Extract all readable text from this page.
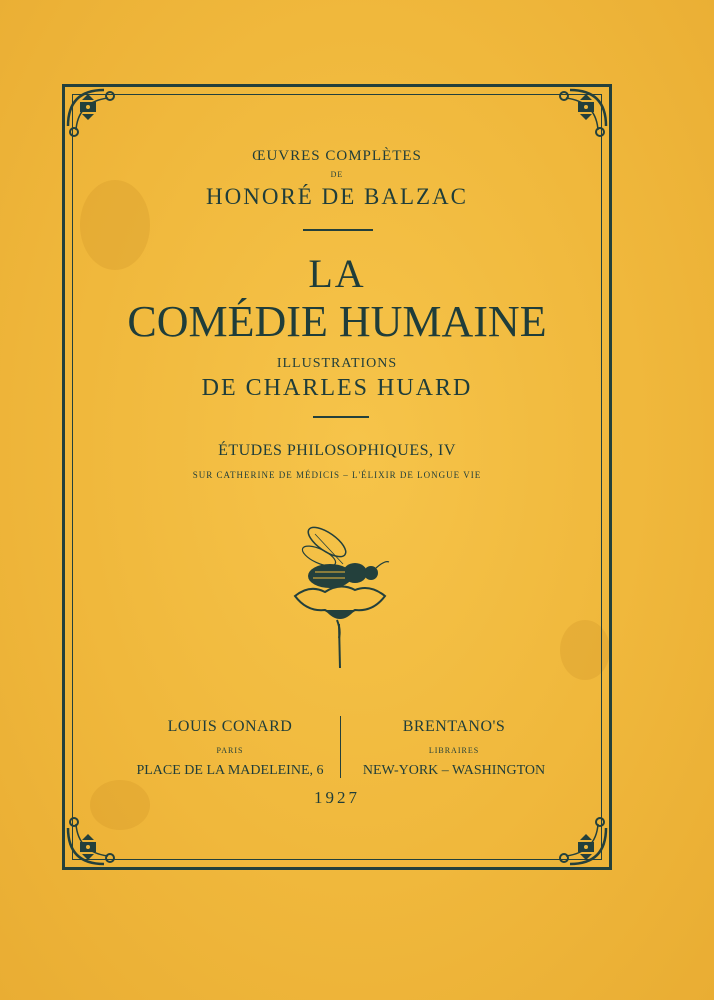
ŒUVRES COMPLÈTES
DE
HONORÉ DE BALZAC
LA
COMÉDIE HUMAINE
ILLUSTRATIONS
DE CHARLES HUARD
ÉTUDES PHILOSOPHIQUES, IV
SUR CATHERINE DE MÉDICIS – L'ÉLIXIR DE LONGUE VIE
LOUIS CONARD
PARIS
PLACE DE LA MADELEINE, 6
BRENTANO'S
LIBRAIRES
NEW-YORK – WASHINGTON
1927
